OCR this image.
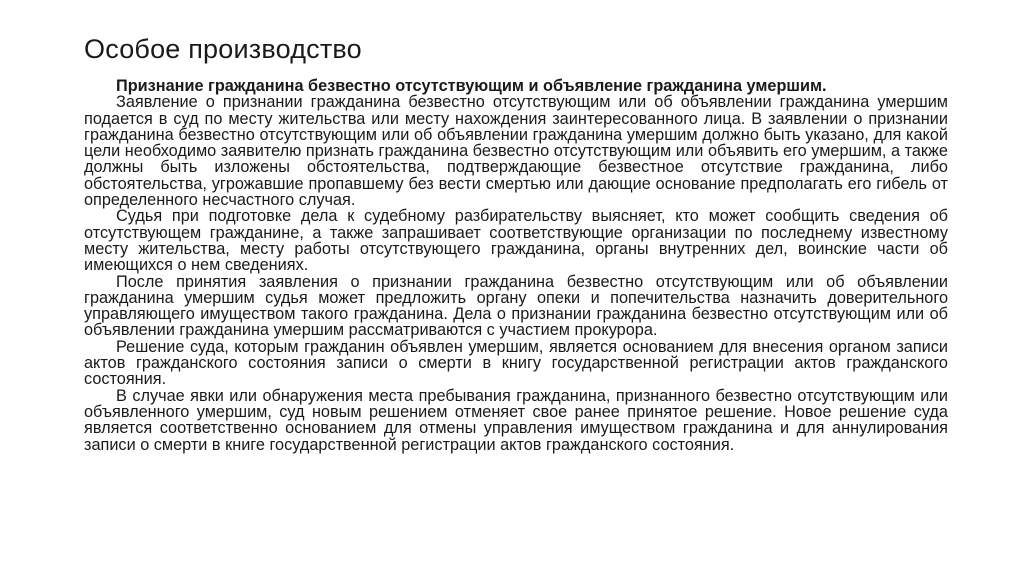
Особое производство

Признание гражданина безвестно отсутствующим и объявление гражданина умершим.

Заявление о признании гражданина безвестно отсутствующим или об объявлении гражданина умершим подается в суд по месту жительства или месту нахождения заинтересованного лица. В заявлении о признании гражданина безвестно отсутствующим или об объявлении гражданина умершим должно быть указано, для какой цели необходимо заявителю признать гражданина безвестно отсутствующим или объявить его умершим, а также должны быть изложены обстоятельства, подтверждающие безвестное отсутствие гражданина, либо обстоятельства, угрожавшие пропавшему без вести смертью или дающие основание предполагать его гибель от определенного несчастного случая.

Судья при подготовке дела к судебному разбирательству выясняет, кто может сообщить сведения об отсутствующем гражданине, а также запрашивает соответствующие организации по последнему известному месту жительства, месту работы отсутствующего гражданина, органы внутренних дел, воинские части об имеющихся о нем сведениях.

После принятия заявления о признании гражданина безвестно отсутствующим или об объявлении гражданина умершим судья может предложить органу опеки и попечительства назначить доверительного управляющего имуществом такого гражданина. Дела о признании гражданина безвестно отсутствующим или об объявлении гражданина умершим рассматриваются с участием прокурора.

Решение суда, которым гражданин объявлен умершим, является основанием для внесения органом записи актов гражданского состояния записи о смерти в книгу государственной регистрации актов гражданского состояния.

В случае явки или обнаружения места пребывания гражданина, признанного безвестно отсутствующим или объявленного умершим, суд новым решением отменяет свое ранее принятое решение. Новое решение суда является соответственно основанием для отмены управления имуществом гражданина и для аннулирования записи о смерти в книге государственной регистрации актов гражданского состояния.
